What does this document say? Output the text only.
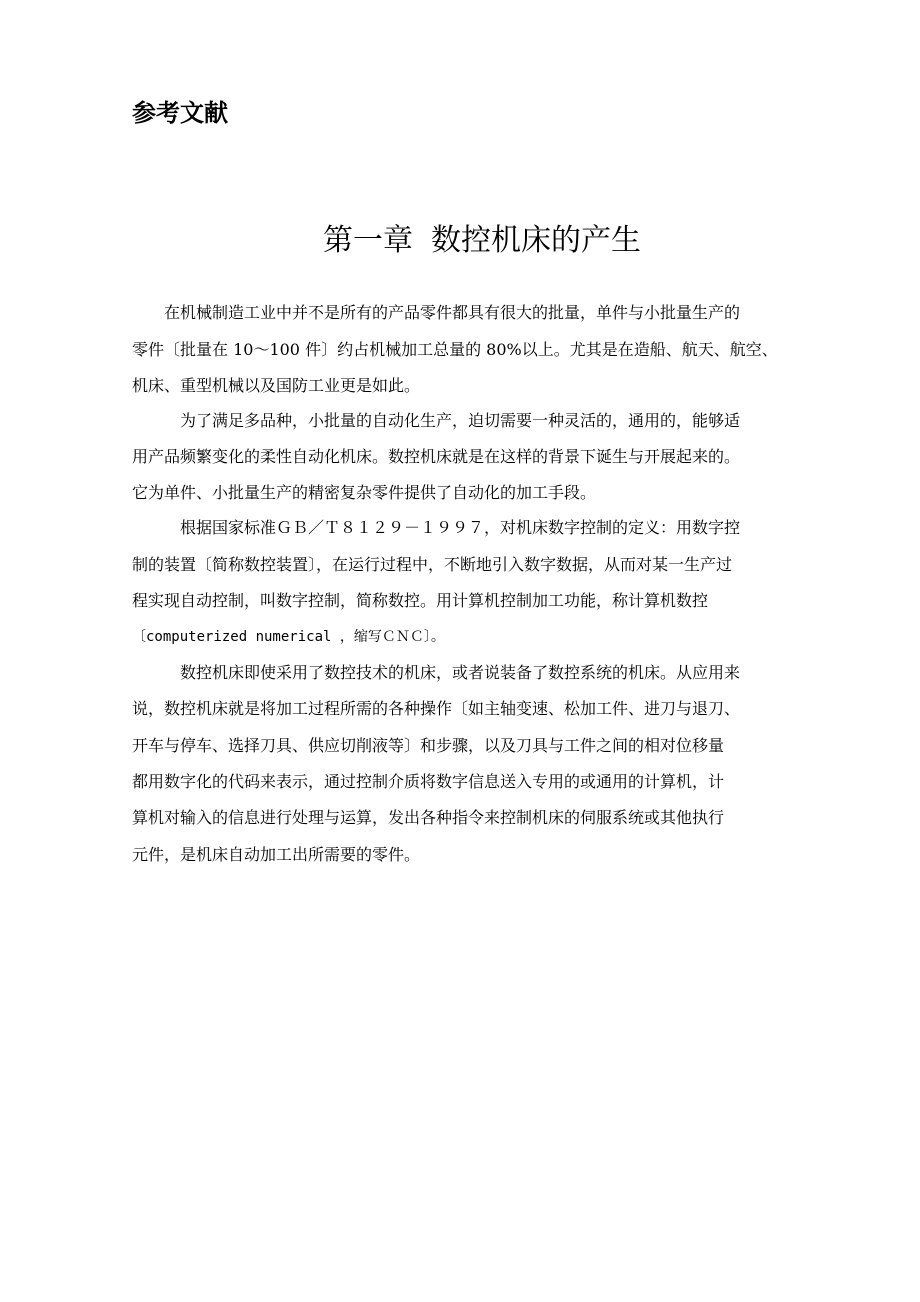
参考文献
第一章 数控机床的产生
在机械制造工业中并不是所有的产品零件都具有很大的批量，单件与小批量生产的
零件〔批量在 10～100 件〕约占机械加工总量的 80%以上。尤其是在造船、航天、航空、
机床、重型机械以及国防工业更是如此。
为了满足多品种，小批量的自动化生产，迫切需要一种灵活的，通用的，能够适
用产品频繁变化的柔性自动化机床。数控机床就是在这样的背景下诞生与开展起来的。
它为单件、小批量生产的精密复杂零件提供了自动化的加工手段。
根据国家标准ＧＢ／Ｔ８１２９－１９９７，对机床数字控制的定义：用数字控
制的装置〔简称数控装置〕，在运行过程中，不断地引入数字数据，从而对某一生产过
程实现自动控制，叫数字控制，简称数控。用计算机控制加工功能，称计算机数控
〔computerized numerical ，缩写ＣＮＣ〕。
数控机床即使采用了数控技术的机床，或者说装备了数控系统的机床。从应用来
说，数控机床就是将加工过程所需的各种操作〔如主轴变速、松加工件、进刀与退刀、
开车与停车、选择刀具、供应切削液等〕和步骤，以及刀具与工件之间的相对位移量
都用数字化的代码来表示，通过控制介质将数字信息送入专用的或通用的计算机，计
算机对输入的信息进行处理与运算，发出各种指令来控制机床的伺服系统或其他执行
元件，是机床自动加工出所需要的零件。
